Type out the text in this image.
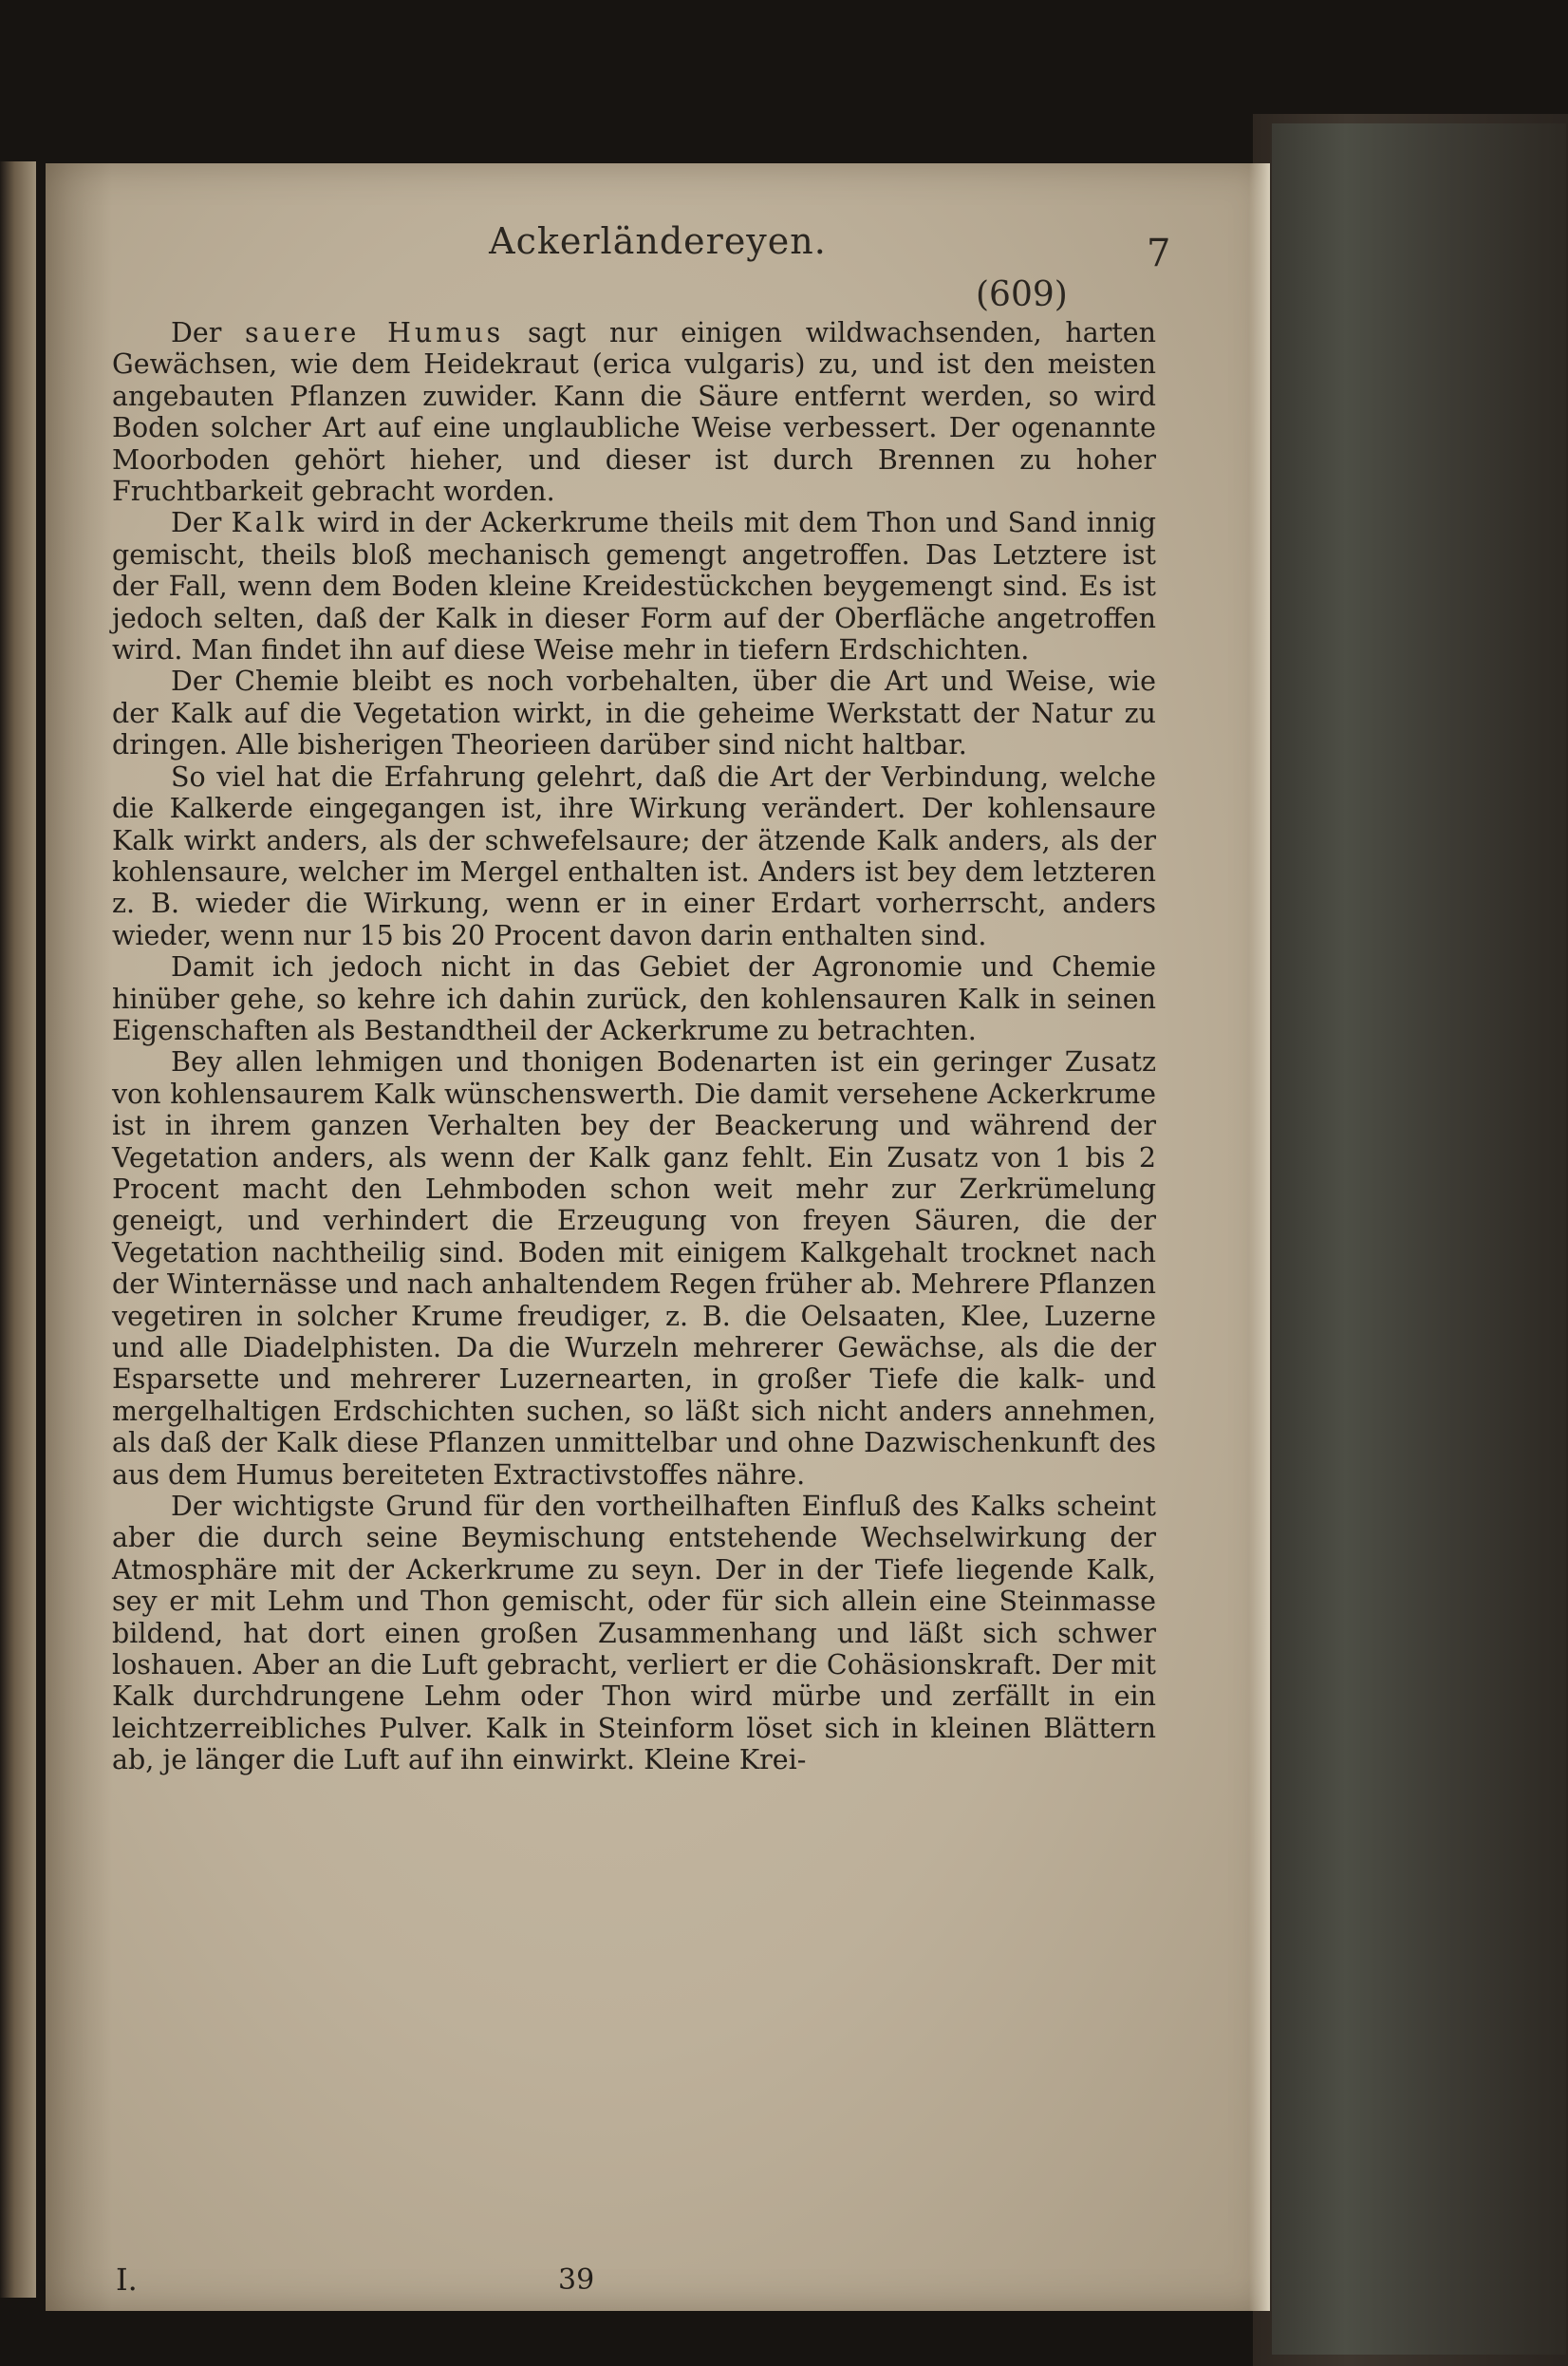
Ackerländereyen.	7
(609)

Der sauere Humus sagt nur einigen wildwachsenden, harten Gewächsen, wie dem Heidekraut (erica vulgaris) zu, und ist den meisten angebauten Pflanzen zuwider. Kann die Säure entfernt werden, so wird Boden solcher Art auf eine unglaubliche Weise verbessert. Der ogenannte Moorboden gehört hieher, und dieser ist durch Brennen zu hoher Fruchtbarkeit gebracht worden.

Der Kalk wird in der Ackerkrume theils mit dem Thon und Sand innig gemischt, theils bloß mechanisch gemengt angetroffen. Das Letztere ist der Fall, wenn dem Boden kleine Kreidestückchen beygemengt sind. Es ist jedoch selten, daß der Kalk in dieser Form auf der Oberfläche angetroffen wird. Man findet ihn auf diese Weise mehr in tiefern Erdschichten.

Der Chemie bleibt es noch vorbehalten, über die Art und Weise, wie der Kalk auf die Vegetation wirkt, in die geheime Werkstatt der Natur zu dringen. Alle bisherigen Theorieen darüber sind nicht haltbar.

So viel hat die Erfahrung gelehrt, daß die Art der Verbindung, welche die Kalkerde eingegangen ist, ihre Wirkung verändert. Der kohlensaure Kalk wirkt anders, als der schwefelsaure; der ätzende Kalk anders, als der kohlensaure, welcher im Mergel enthalten ist. Anders ist bey dem letzteren z. B. wieder die Wirkung, wenn er in einer Erdart vorherrscht, anders wieder, wenn nur 15 bis 20 Procent davon darin enthalten sind.

Damit ich jedoch nicht in das Gebiet der Agronomie und Chemie hinüber gehe, so kehre ich dahin zurück, den kohlensauren Kalk in seinen Eigenschaften als Bestandtheil der Ackerkrume zu betrachten.

Bey allen lehmigen und thonigen Bodenarten ist ein geringer Zusatz von kohlensaurem Kalk wünschenswerth. Die damit versehene Ackerkrume ist in ihrem ganzen Verhalten bey der Beackerung und während der Vegetation anders, als wenn der Kalk ganz fehlt. Ein Zusatz von 1 bis 2 Procent macht den Lehmboden schon weit mehr zur Zerkrümelung geneigt, und verhindert die Erzeugung von freyen Säuren, die der Vegetation nachtheilig sind. Boden mit einigem Kalkgehalt trocknet nach der Winternässe und nach anhaltendem Regen früher ab. Mehrere Pflanzen vegetiren in solcher Krume freudiger, z. B. die Oelsaaten, Klee, Luzerne und alle Diadelphisten. Da die Wurzeln mehrerer Gewächse, als die der Esparsette und mehrerer Luzernearten, in großer Tiefe die kalk- und mergelhaltigen Erdschichten suchen, so läßt sich nicht anders annehmen, als daß der Kalk diese Pflanzen unmittelbar und ohne Dazwischenkunft des aus dem Humus bereiteten Extractivstoffes nähre.

Der wichtigste Grund für den vortheilhaften Einfluß des Kalks scheint aber die durch seine Beymischung entstehende Wechselwirkung der Atmosphäre mit der Ackerkrume zu seyn. Der in der Tiefe liegende Kalk, sey er mit Lehm und Thon gemischt, oder für sich allein eine Steinmasse bildend, hat dort einen großen Zusammenhang und läßt sich schwer loshauen. Aber an die Luft gebracht, verliert er die Cohäsionskraft. Der mit Kalk durchdrungene Lehm oder Thon wird mürbe und zerfällt in ein leichtzerreibliches Pulver. Kalk in Steinform löset sich in kleinen Blättern ab, je länger die Luft auf ihn einwirkt. Kleine Krei-

I.	39
